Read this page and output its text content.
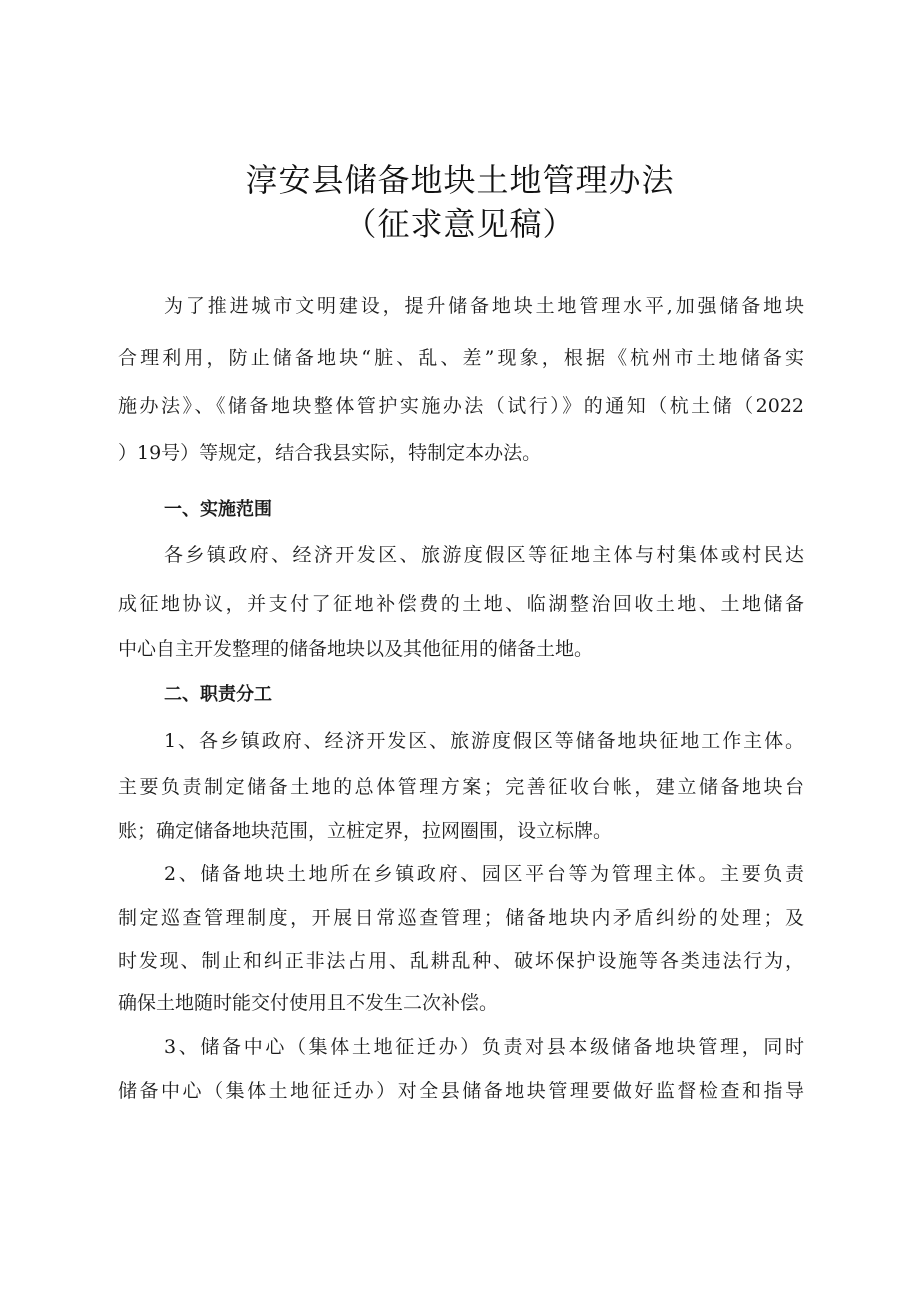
淳安县储备地块土地管理办法
（征求意见稿）
为了推进城市文明建设，提升储备地块土地管理水平,加强储备地块
合理利用，防止储备地块“脏、乱、差”现象，根据《杭州市土地储备实
施办法》、《储备地块整体管护实施办法（试行）》的通知（杭土储（2022
）19号）等规定，结合我县实际，特制定本办法。
一、实施范围
各乡镇政府、经济开发区、旅游度假区等征地主体与村集体或村民达
成征地协议，并支付了征地补偿费的土地、临湖整治回收土地、土地储备
中心自主开发整理的储备地块以及其他征用的储备土地。
二、职责分工
1、各乡镇政府、经济开发区、旅游度假区等储备地块征地工作主体。
主要负责制定储备土地的总体管理方案；完善征收台帐，建立储备地块台
账；确定储备地块范围，立桩定界，拉网圈围，设立标牌。
2、储备地块土地所在乡镇政府、园区平台等为管理主体。主要负责
制定巡查管理制度，开展日常巡查管理；储备地块内矛盾纠纷的处理；及
时发现、制止和纠正非法占用、乱耕乱种、破坏保护设施等各类违法行为，
确保土地随时能交付使用且不发生二次补偿。
3、储备中心（集体土地征迁办）负责对县本级储备地块管理，同时
储备中心（集体土地征迁办）对全县储备地块管理要做好监督检查和指导
